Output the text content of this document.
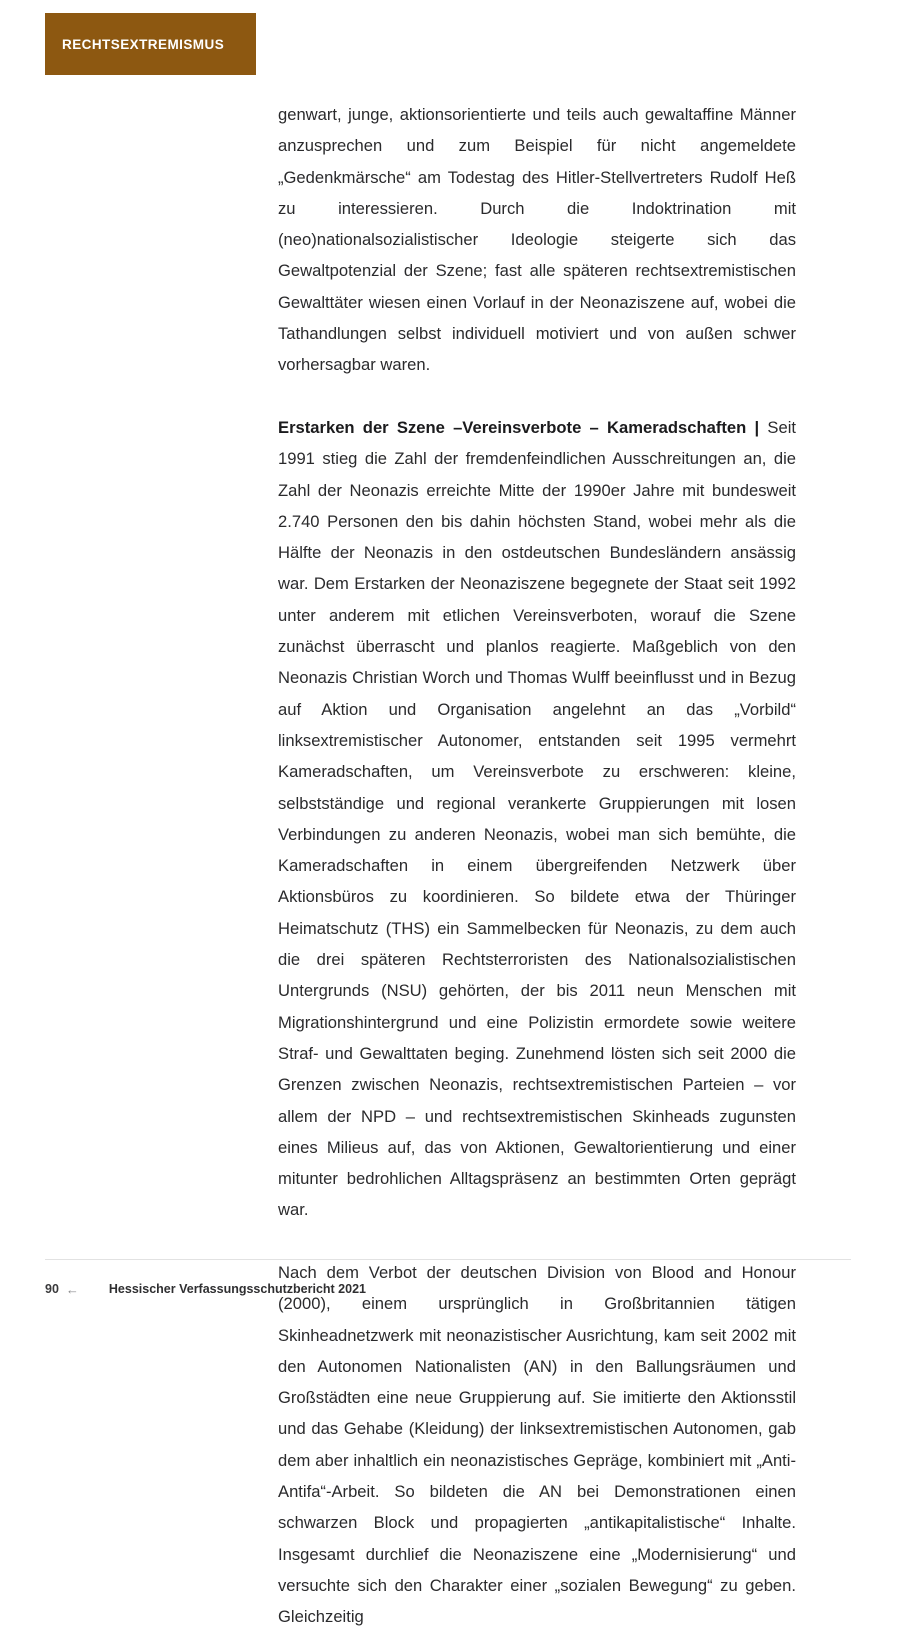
RECHTSEXTREMISMUS

genwart, junge, aktionsorientierte und teils auch gewaltaffine Männer anzusprechen und zum Beispiel für nicht angemeldete „Gedenkmärsche“ am Todestag des Hitler-Stellvertreters Rudolf Heß zu interessieren. Durch die Indoktrination mit (neo)nationalsozialistischer Ideologie steigerte sich das Gewaltpotenzial der Szene; fast alle späteren rechtsextremistischen Gewalttäter wiesen einen Vorlauf in der Neonaziszene auf, wobei die Tathandlungen selbst individuell motiviert und von außen schwer vorhersagbar waren.

Erstarken der Szene –Vereinsverbote – Kameradschaften | Seit 1991 stieg die Zahl der fremdenfeindlichen Ausschreitungen an, die Zahl der Neonazis erreichte Mitte der 1990er Jahre mit bundesweit 2.740 Personen den bis dahin höchsten Stand, wobei mehr als die Hälfte der Neonazis in den ostdeutschen Bundesländern ansässig war. Dem Erstarken der Neonaziszene begegnete der Staat seit 1992 unter anderem mit etlichen Vereinsverboten, worauf die Szene zunächst überrascht und planlos reagierte. Maßgeblich von den Neonazis Christian Worch und Thomas Wulff beeinflusst und in Bezug auf Aktion und Organisation angelehnt an das „Vorbild“ linksextremistischer Autonomer, entstanden seit 1995 vermehrt Kameradschaften, um Vereinsverbote zu erschweren: kleine, selbstständige und regional verankerte Gruppierungen mit losen Verbindungen zu anderen Neonazis, wobei man sich bemühte, die Kameradschaften in einem übergreifenden Netzwerk über Aktionsbüros zu koordinieren. So bildete etwa der Thüringer Heimatschutz (THS) ein Sammelbecken für Neonazis, zu dem auch die drei späteren Rechtsterroristen des Nationalsozialistischen Untergrunds (NSU) gehörten, der bis 2011 neun Menschen mit Migrationshintergrund und eine Polizistin ermordete sowie weitere Straf- und Gewalttaten beging. Zunehmend lösten sich seit 2000 die Grenzen zwischen Neonazis, rechtsextremistischen Parteien – vor allem der NPD – und rechtsextremistischen Skinheads zugunsten eines Milieus auf, das von Aktionen, Gewaltorientierung und einer mitunter bedrohlichen Alltagspräsenz an bestimmten Orten geprägt war.

Nach dem Verbot der deutschen Division von Blood and Honour (2000), einem ursprünglich in Großbritannien tätigen Skinheadnetzwerk mit neonazistischer Ausrichtung, kam seit 2002 mit den Autonomen Nationalisten (AN) in den Ballungsräumen und Großstädten eine neue Gruppierung auf. Sie imitierte den Aktionsstil und das Gehabe (Kleidung) der linksextremistischen Autonomen, gab dem aber inhaltlich ein neonazistisches Gepräge, kombiniert mit „Anti-Antifa“-Arbeit. So bildeten die AN bei Demonstrationen einen schwarzen Block und propagierten „antikapitalistische“ Inhalte. Insgesamt durchlief die Neonaziszene eine „Modernisierung“ und versuchte sich den Charakter einer „sozialen Bewegung“ zu geben. Gleichzeitig

90 ← Hessischer Verfassungsschutzbericht 2021
